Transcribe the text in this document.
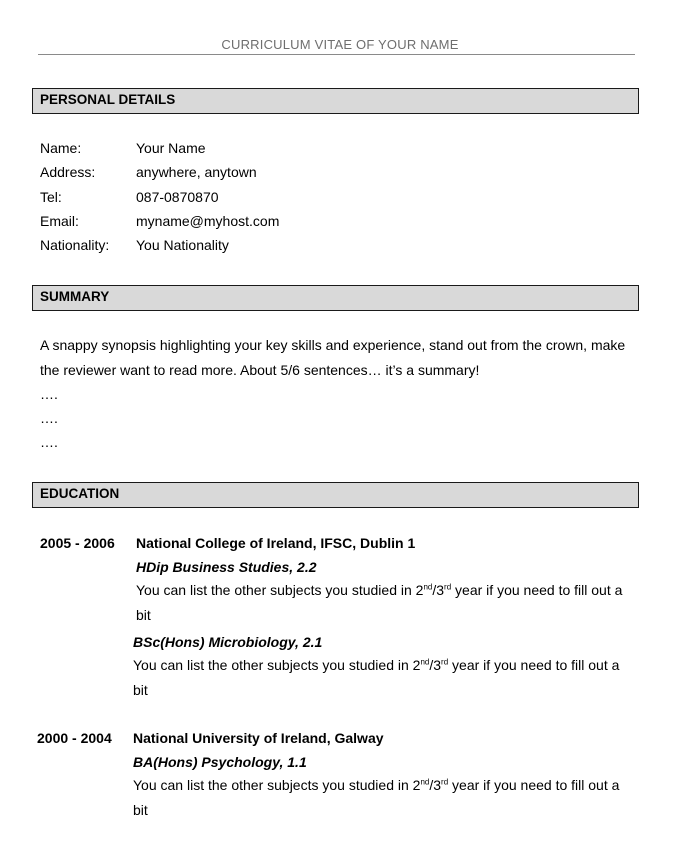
CURRICULUM VITAE OF YOUR NAME
PERSONAL DETAILS
Name:	Your Name
Address:	anywhere, anytown
Tel:	087-0870870
Email:	myname@myhost.com
Nationality: You Nationality
SUMMARY

A snappy synopsis highlighting your key skills and experience, stand out from the crown, make the reviewer want to read more. About 5/6 sentences… it’s a summary!

….
….
….
EDUCATION
2005 - 2006 National College of Ireland, IFSC, Dublin 1
HDip Business Studies, 2.2
You can list the other subjects you studied in 2nd/3rd year if you need to fill out a bit
BSc(Hons) Microbiology, 2.1
You can list the other subjects you studied in 2nd/3rd year if you need to fill out a bit
2000 - 2004 National University of Ireland, Galway
BA(Hons) Psychology, 1.1
You can list the other subjects you studied in 2nd/3rd year if you need to fill out a bit
